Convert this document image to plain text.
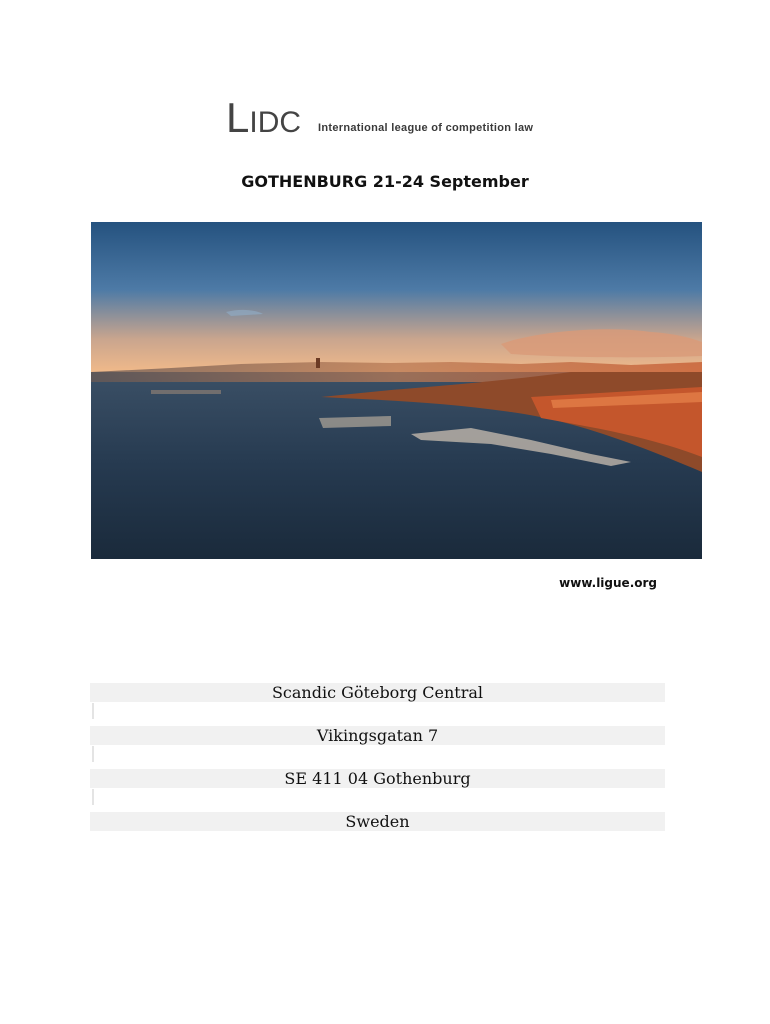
LIDC International league of competition law
GOTHENBURG 21-24 September
www.ligue.org
Scandic Göteborg Central
Vikingsgatan 7
SE 411 04 Gothenburg
Sweden
